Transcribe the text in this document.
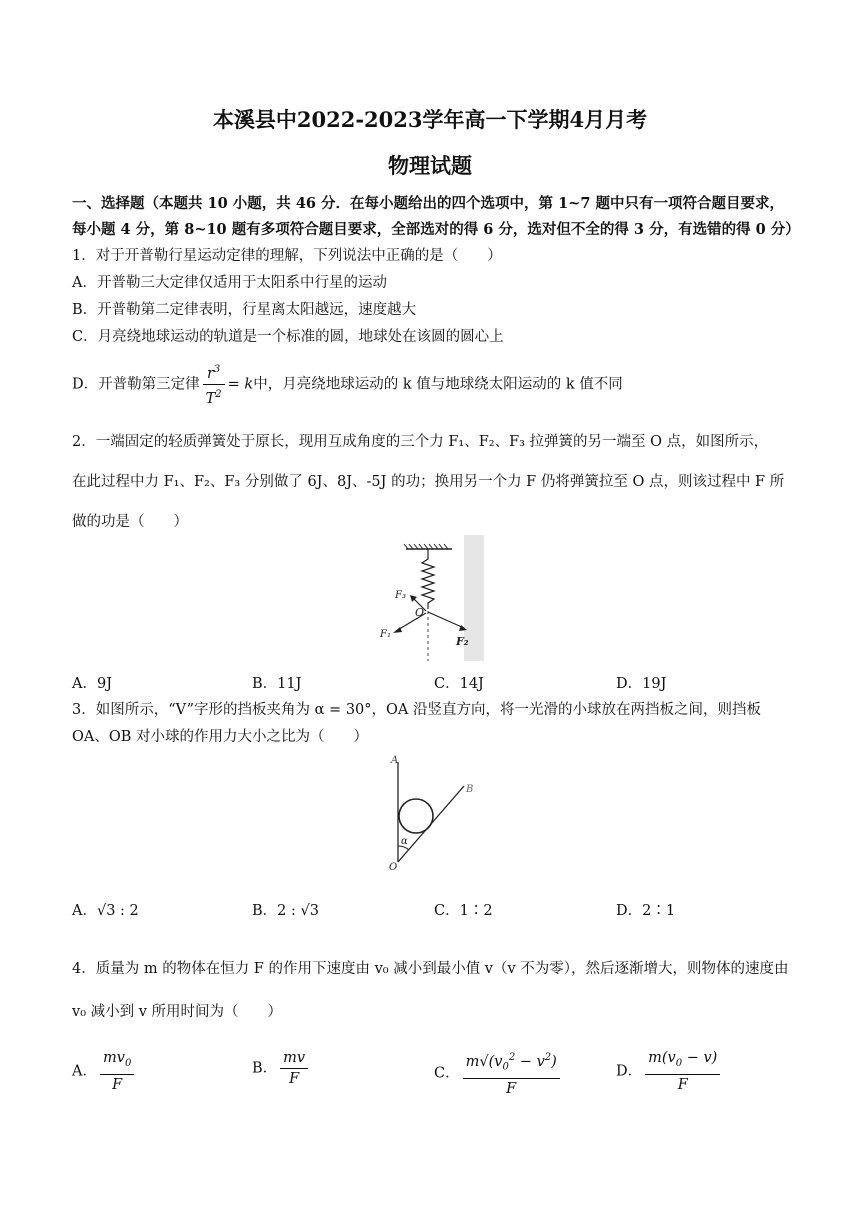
本溪县中2022-2023学年高一下学期4月月考
物理试题
一、选择题（本题共 10 小题，共 46 分．在每小题给出的四个选项中，第 1~7 题中只有一项符合题目要求，
每小题 4 分，第 8~10 题有多项符合题目要求，全部选对的得 6 分，选对但不全的得 3 分，有选错的得 0 分）
1．对于开普勒行星运动定律的理解，下列说法中正确的是（　　）
A．开普勒三大定律仅适用于太阳系中行星的运动
B．开普勒第二定律表明，行星离太阳越远，速度越大
C．月亮绕地球运动的轨道是一个标准的圆，地球处在该圆的圆心上
D．开普勒第三定律 $\frac{r^3}{T^2} = k$中，月亮绕地球运动的 k 值与地球绕太阳运动的 k 值不同
2．一端固定的轻质弹簧处于原长，现用互成角度的三个力 F₁、F₂、F₃ 拉弹簧的另一端至 O 点，如图所示，
在此过程中力 F₁、F₂、F₃ 分别做了 6J、8J、-5J 的功；换用另一个力 F 仍将弹簧拉至 O 点，则该过程中 F 所
做的功是（　　）
F₃
O
F₁
F₂
A．9J	B．11J	C．14J	D．19J
3．如图所示，“V”字形的挡板夹角为 α = 30°，OA 沿竖直方向，将一光滑的小球放在两挡板之间，则挡板
OA、OB 对小球的作用力大小之比为（　　）
A
B
α
O
A．√3 : 2	B．2 : √3	C．1∶2	D．2∶1
4．质量为 m 的物体在恒力 F 的作用下速度由 v₀ 减小到最小值 v（v 不为零），然后逐渐增大，则物体的速度由
v₀ 减小到 v 所用时间为（　　）
A． $\frac{mv_0}{F}$	B． $\frac{mv}{F}$	C． $\frac{m√(v_0^2 - v^2)}{F}$	D． $\frac{m(v_0 - v)}{F}$
